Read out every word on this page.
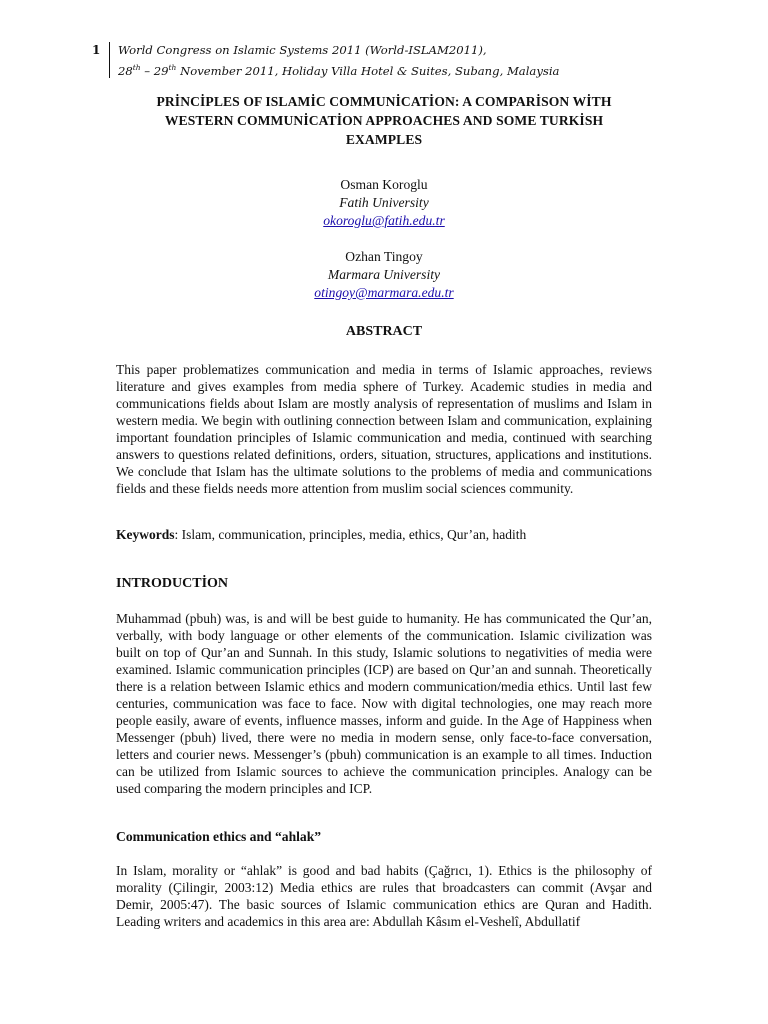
1	World Congress on Islamic Systems 2011 (World-ISLAM2011),
28th – 29th November 2011, Holiday Villa Hotel & Suites, Subang, Malaysia
PRİNCİPLES OF ISLAMİC COMMUNİCATİON: A COMPARİSON WİTH
WESTERN COMMUNİCATİON APPROACHES AND SOME TURKİSH
EXAMPLES
Osman Koroglu
Fatih University
okoroglu@fatih.edu.tr
Ozhan Tingoy
Marmara University
otingoy@marmara.edu.tr
ABSTRACT
This paper problematizes communication and media in terms of Islamic approaches, reviews literature and gives examples from media sphere of Turkey. Academic studies in media and communications fields about Islam are mostly analysis of representation of muslims and Islam in western media. We begin with outlining connection between Islam and communication, explaining important foundation principles of Islamic communication and media, continued with searching answers to questions related definitions, orders, situation, structures, applications and institutions. We conclude that Islam has the ultimate solutions to the problems of media and communications fields and these fields needs more attention from muslim social sciences community.
Keywords: Islam, communication, principles, media, ethics, Qur’an, hadith
INTRODUCTİON
Muhammad (pbuh) was, is and will be best guide to humanity. He has communicated the Qur’an, verbally, with body language or other elements of the communication. Islamic civilization was built on top of Qur’an and Sunnah. In this study, Islamic solutions to negativities of media were examined. Islamic communication principles (ICP) are based on Qur’an and sunnah. Theoretically there is a relation between Islamic ethics and modern communication/media ethics. Until last few centuries, communication was face to face. Now with digital technologies, one may reach more people easily, aware of events, influence masses, inform and guide. In the Age of Happiness when Messenger (pbuh) lived, there were no media in modern sense, only face-to-face conversation, letters and courier news. Messenger’s (pbuh) communication is an example to all times. Induction can be utilized from Islamic sources to achieve the communication principles. Analogy can be used comparing the modern principles and ICP.
Communication ethics and “ahlak”
In Islam, morality or “ahlak” is good and bad habits (Çağrıcı, 1). Ethics is the philosophy of morality (Çilingir, 2003:12) Media ethics are rules that broadcasters can commit (Avşar and Demir, 2005:47). The basic sources of Islamic communication ethics are Quran and Hadith. Leading writers and academics in this area are: Abdullah Kâsım el-Veshelî, Abdullatif
